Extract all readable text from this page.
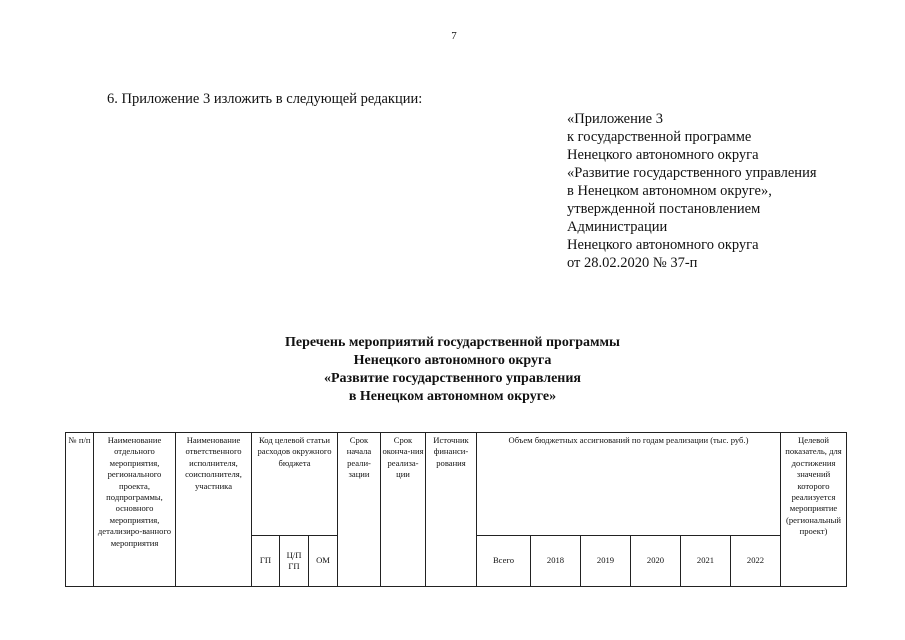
7
6. Приложение 3 изложить в следующей редакции:
«Приложение 3
к государственной программе
Ненецкого автономного округа
«Развитие государственного управления
в Ненецком автономном округе»,
утвержденной постановлением
Администрации
Ненецкого автономного округа
от 28.02.2020 № 37-п
Перечень мероприятий государственной программы
Ненецкого автономного округа
«Развитие государственного управления
в Ненецком автономном округе»
№ п/п	Наименование отдельного мероприятия, регионального проекта, подпрограммы, основного мероприятия, детализиро-ванного мероприятия	Наименование ответственного исполнителя, соисполнителя, участника	Код целевой статьи расходов окружного бюджета			Срок начала реали-зации	Срок оконча-ния реализа-ции	Источник финанси-рования	Объем бюджетных ассигнований по годам реализации (тыс. руб.)						Целевой показатель, для достижения значений которого реализуется мероприятие (региональный проект)
			ГП	Ц/П ГП	ОМ				Всего	2018	2019	2020	2021	2022	
